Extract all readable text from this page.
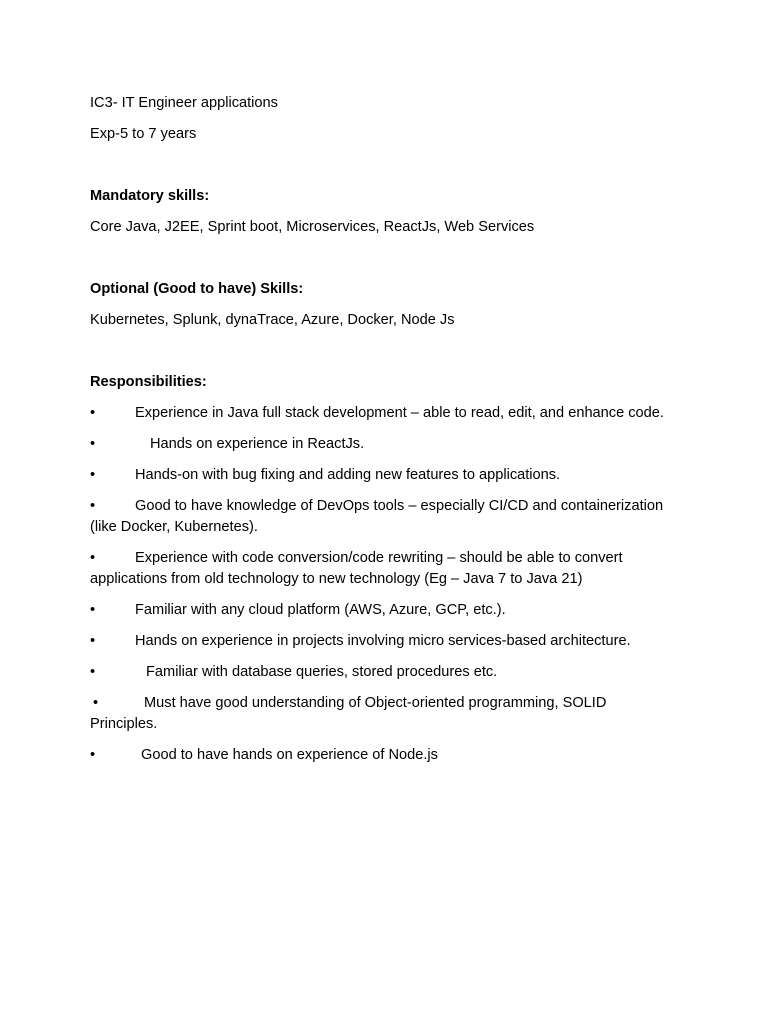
IC3- IT Engineer applications

Exp-5 to 7 years

Mandatory skills:

Core Java, J2EE, Sprint boot, Microservices, ReactJs, Web Services

Optional (Good to have) Skills:

Kubernetes, Splunk, dynaTrace, Azure, Docker, Node Js

Responsibilities:

•	Experience in Java full stack development – able to read, edit, and enhance code.

•	Hands on experience in ReactJs.

•	Hands-on with bug fixing and adding new features to applications.

•	Good to have knowledge of DevOps tools – especially CI/CD and containerization (like Docker, Kubernetes).

•	Experience with code conversion/code rewriting – should be able to convert applications from old technology to new technology (Eg – Java 7 to Java 21)

•	Familiar with any cloud platform (AWS, Azure, GCP, etc.).

•	Hands on experience in projects involving micro services-based architecture.

•	Familiar with database queries, stored procedures etc.

•	Must have good understanding of Object-oriented programming, SOLID Principles.

•	Good to have hands on experience of Node.js
